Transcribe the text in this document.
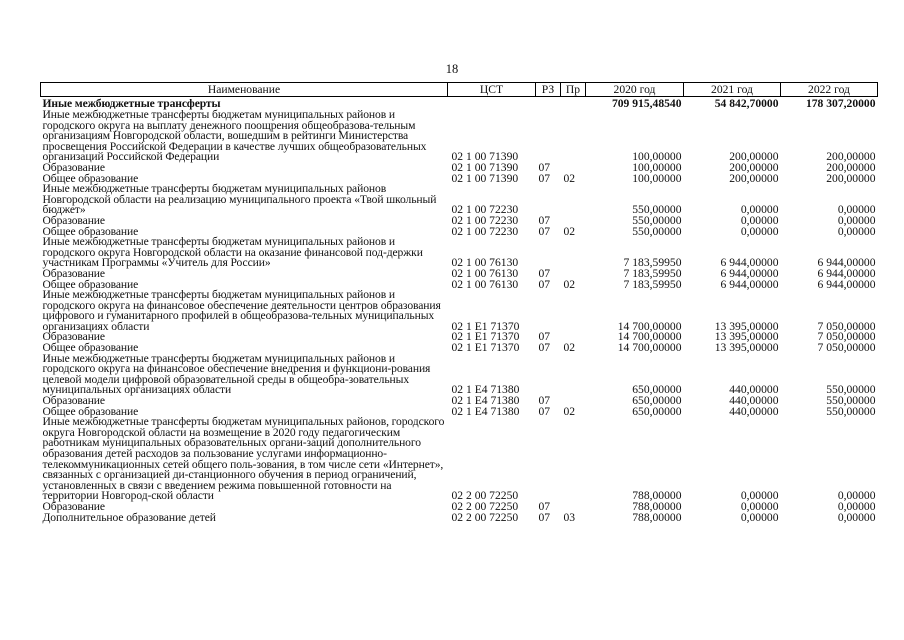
18
Наименование	ЦСТ	РЗ	Пр	2020 год	2021 год	2022 год
Иные межбюджетные трансферты				709 915,48540	54 842,70000	178 307,20000
Иные межбюджетные трансферты бюджетам муниципальных районов и городского округа на выплату денежного поощрения общеобразова-тельным организациям Новгородской области, вошедшим в рейтинги Министерства просвещения Российской Федерации в качестве лучших общеобразовательных организаций Российской Федерации	02 1 00 71390			100,00000	200,00000	200,00000
Образование	02 1 00 71390	07		100,00000	200,00000	200,00000
Общее образование	02 1 00 71390	07	02	100,00000	200,00000	200,00000
Иные межбюджетные трансферты бюджетам муниципальных районов Новгородской области на реализацию муниципального проекта «Твой школьный бюджет»	02 1 00 72230			550,00000	0,00000	0,00000
Образование	02 1 00 72230	07		550,00000	0,00000	0,00000
Общее образование	02 1 00 72230	07	02	550,00000	0,00000	0,00000
Иные межбюджетные трансферты бюджетам муниципальных районов и городского округа Новгородской области на оказание финансовой под-держки участникам Программы «Учитель для России»	02 1 00 76130			7 183,59950	6 944,00000	6 944,00000
Образование	02 1 00 76130	07		7 183,59950	6 944,00000	6 944,00000
Общее образование	02 1 00 76130	07	02	7 183,59950	6 944,00000	6 944,00000
Иные межбюджетные трансферты бюджетам муниципальных районов и городского округа на финансовое обеспечение деятельности центров образования цифрового и гуманитарного профилей в общеобразова-тельных муниципальных организациях области	02 1 E1 71370			14 700,00000	13 395,00000	7 050,00000
Образование	02 1 E1 71370	07		14 700,00000	13 395,00000	7 050,00000
Общее образование	02 1 E1 71370	07	02	14 700,00000	13 395,00000	7 050,00000
Иные межбюджетные трансферты бюджетам муниципальных районов и городского округа на финансовое обеспечение внедрения и функциони-рования целевой модели цифровой образовательной среды в общеобра-зовательных муниципальных организациях области	02 1 E4 71380			650,00000	440,00000	550,00000
Образование	02 1 E4 71380	07		650,00000	440,00000	550,00000
Общее образование	02 1 E4 71380	07	02	650,00000	440,00000	550,00000
Иные межбюджетные трансферты бюджетам муниципальных районов, городского округа Новгородской области на возмещение в 2020 году педагогическим работникам муниципальных образовательных органи-заций дополнительного образования детей расходов за пользование услугами информационно-телекоммуникационных сетей общего поль-зования, в том числе сети «Интернет», связанных с организацией ди-станционного обучения в период ограничений, установленных в связи с введением режима повышенной готовности на территории Новгород-ской области	02 2 00 72250			788,00000	0,00000	0,00000
Образование	02 2 00 72250	07		788,00000	0,00000	0,00000
Дополнительное образование детей	02 2 00 72250	07	03	788,00000	0,00000	0,00000
